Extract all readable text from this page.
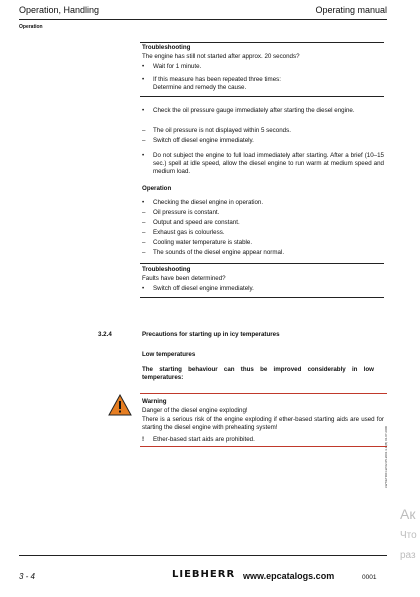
Operation, Handling	Operating manual
Operation
Troubleshooting
The engine has still not started after approx. 20 seconds?
• Wait for 1 minute.
• If this measure has been repeated three times:
Determine and remedy the cause.
• Check the oil pressure gauge immediately after starting the diesel engine.
– The oil pressure is not displayed within 5 seconds.
– Switch off diesel engine immediately.
• Do not subject the engine to full load immediately after starting. After a brief (10–15 sec.) spell at idle speed, allow the diesel engine to run warm at medium speed and medium load.
Operation
• Checking the diesel engine in operation.
– Oil pressure is constant.
– Output and speed are constant.
– Exhaust gas is colourless.
– Cooling water temperature is stable.
– The sounds of the diesel engine appear normal.
Troubleshooting
Faults have been determined?
• Switch off diesel engine immediately.
3.2.4	Precautions for starting up in icy temperatures
Low temperatures
The starting behaviour can thus be improved considerably in low temperatures:
Warning
Danger of the diesel engine exploding!
There is a serious risk of the engine exploding if ether-based starting aids are used for starting the diesel engine with preheating system!
! Ether-based start aids are prohibited.	LWT/ETR/0 LW 02.05.2001 3.1 (B) 01.07.2000
Ак
Что
раз
3 - 4	LIEBHERR www.epcatalogs.com	0001
